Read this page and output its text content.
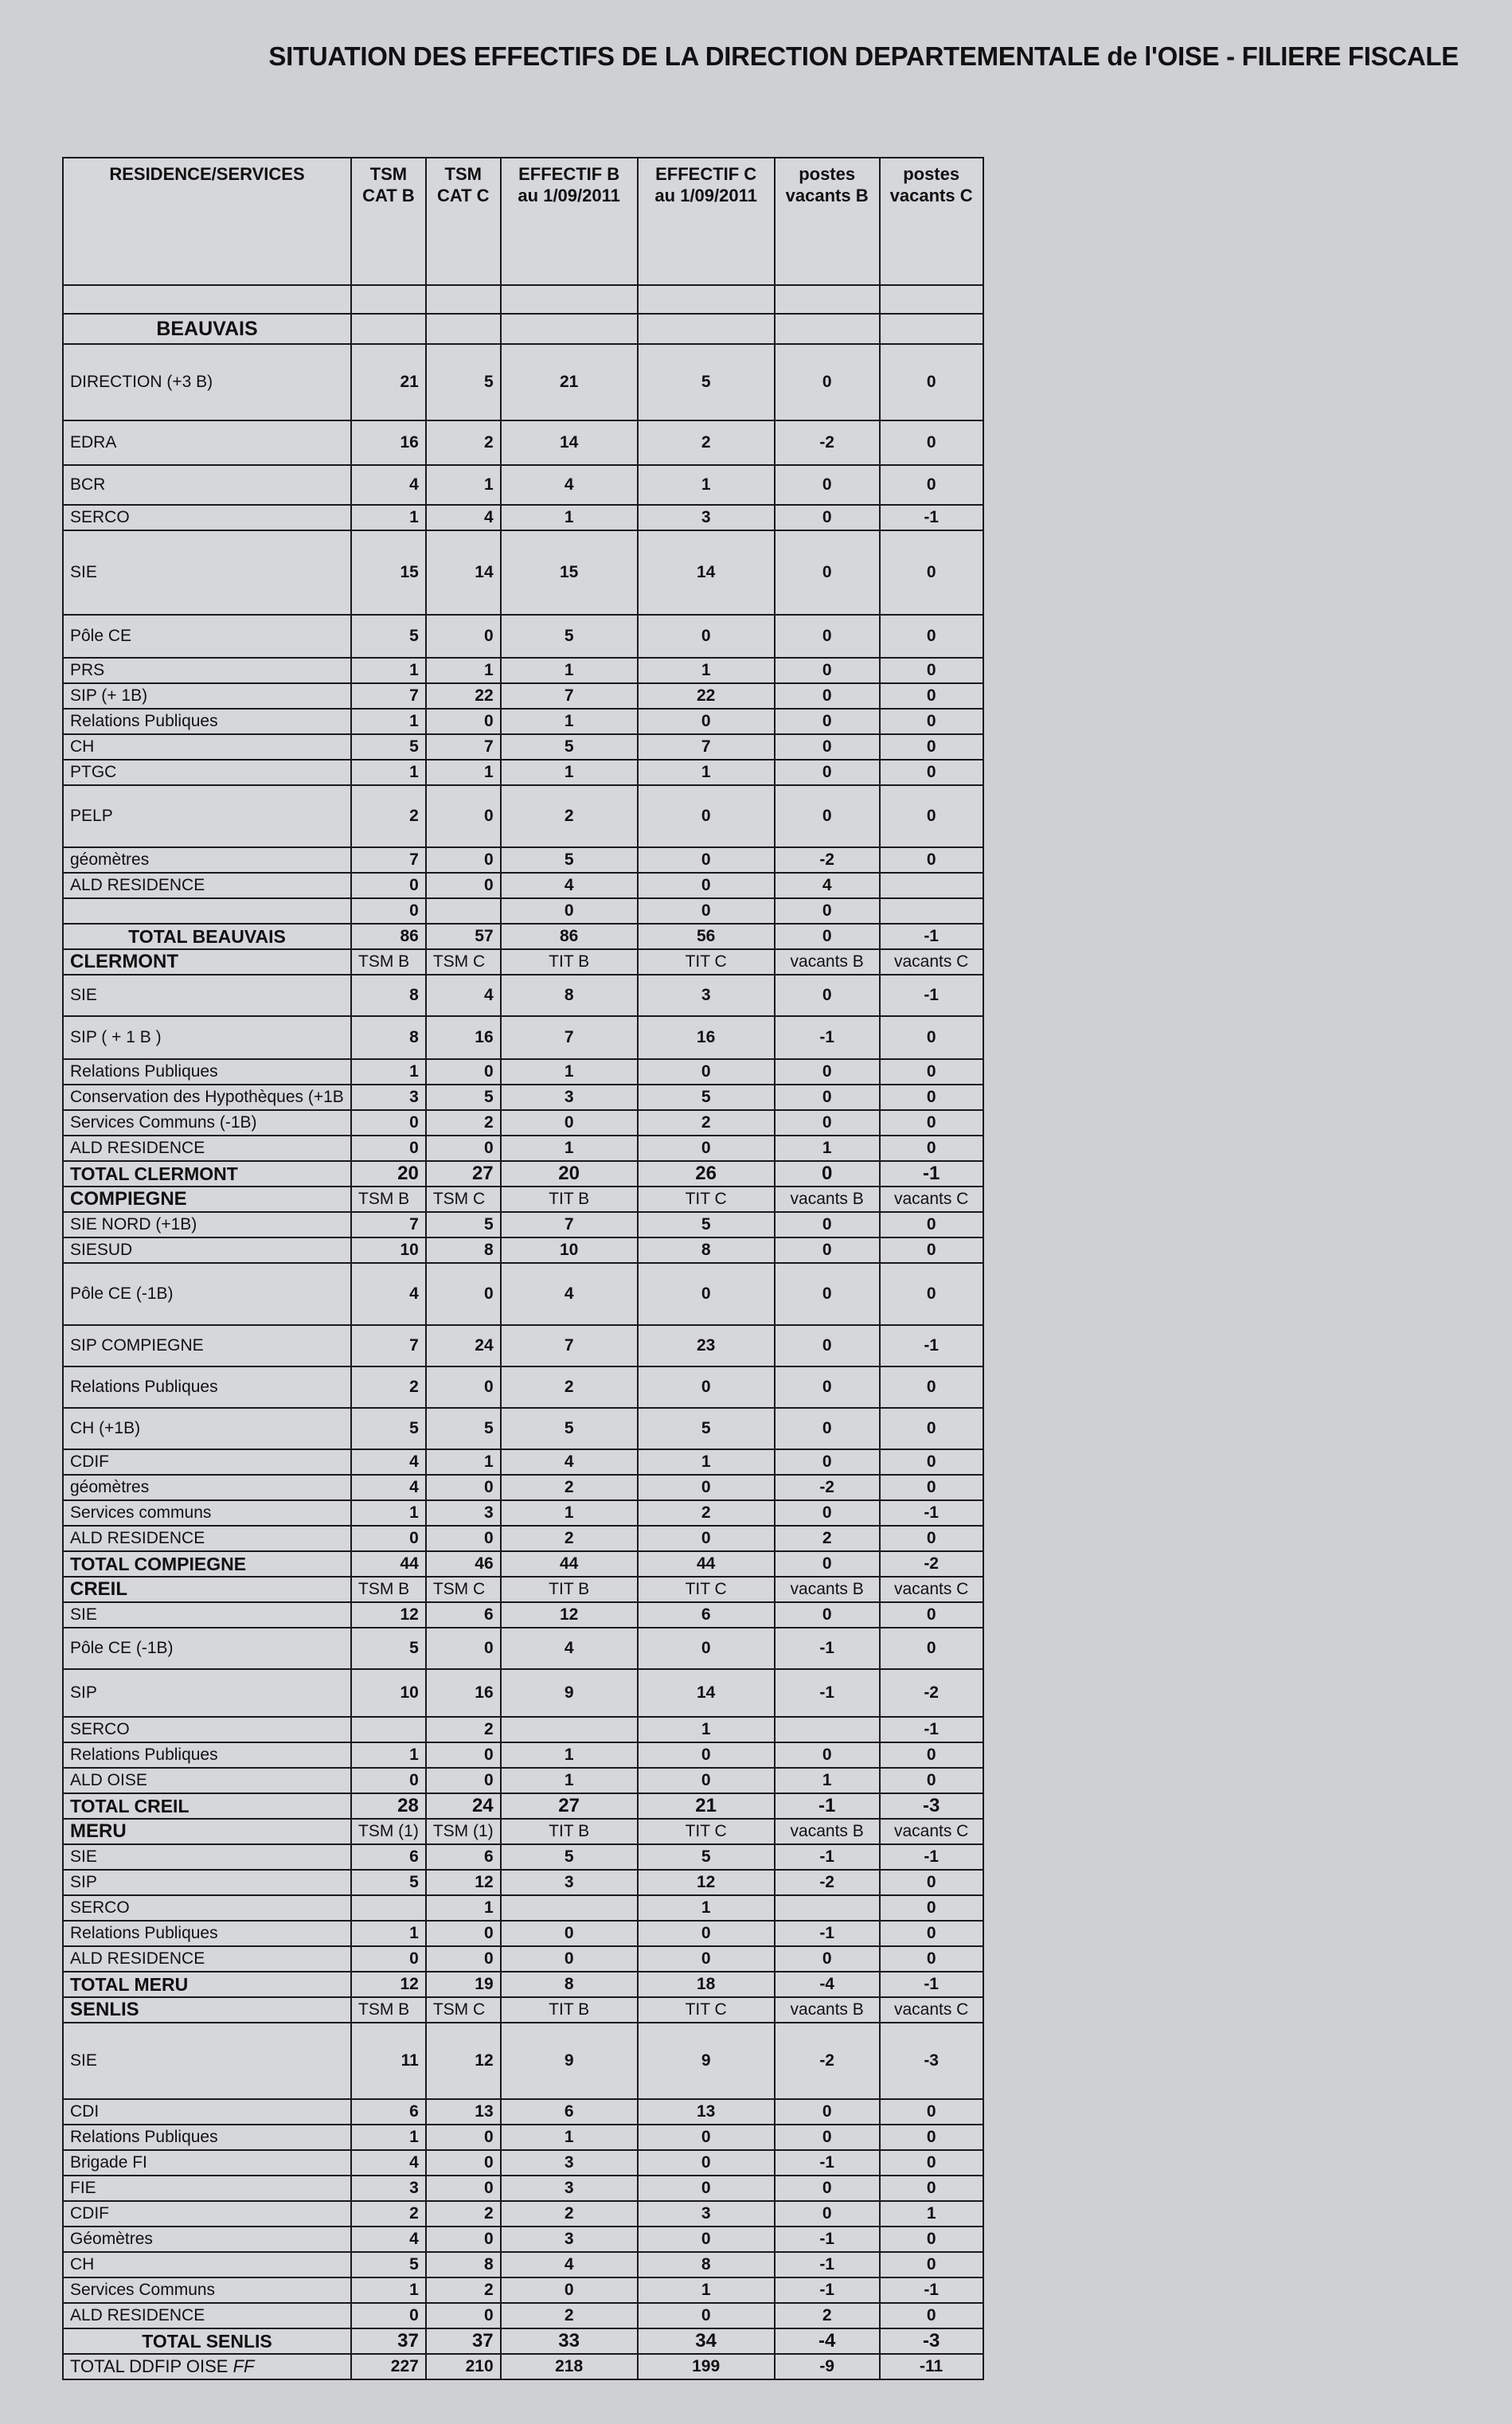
SITUATION DES EFFECTIFS DE LA DIRECTION DEPARTEMENTALE de l'OISE - FILIERE FISCALE
RESIDENCE/SERVICES	TSM CAT B	TSM CAT C	EFFECTIF B au 1/09/2011	EFFECTIF C au 1/09/2011	postes vacants B	postes vacants C

BEAUVAIS						
DIRECTION (+3 B)	21	5	21	5	0	0
EDRA	16	2	14	2	-2	0
BCR	4	1	4	1	0	0
SERCO	1	4	1	3	0	-1
SIE	15	14	15	14	0	0
Pôle CE	5	0	5	0	0	0
PRS	1	1	1	1	0	0
SIP (+ 1B)	7	22	7	22	0	0
Relations Publiques	1	0	1	0	0	0
CH	5	7	5	7	0	0
PTGC	1	1	1	1	0	0
PELP	2	0	2	0	0	0
géomètres	7	0	5	0	-2	0
ALD RESIDENCE	0	0	4	0	4	
	0		0	0	0	
TOTAL BEAUVAIS	86	57	86	56	0	-1
CLERMONT	TSM B	TSM C	TIT B	TIT C	vacants B	vacants C
SIE	8	4	8	3	0	-1
SIP ( + 1 B )	8	16	7	16	-1	0
Relations Publiques	1	0	1	0	0	0
Conservation des Hypothèques (+1B	3	5	3	5	0	0
Services Communs (-1B)	0	2	0	2	0	0
ALD RESIDENCE	0	0	1	0	1	0
TOTAL CLERMONT	20	27	20	26	0	-1
COMPIEGNE	TSM B	TSM C	TIT B	TIT C	vacants B	vacants C
SIE NORD (+1B)	7	5	7	5	0	0
SIESUD	10	8	10	8	0	0
Pôle CE (-1B)	4	0	4	0	0	0
SIP COMPIEGNE	7	24	7	23	0	-1
Relations Publiques	2	0	2	0	0	0
CH (+1B)	5	5	5	5	0	0
CDIF	4	1	4	1	0	0
géomètres	4	0	2	0	-2	0
Services communs	1	3	1	2	0	-1
ALD RESIDENCE	0	0	2	0	2	0
TOTAL COMPIEGNE	44	46	44	44	0	-2
CREIL	TSM B	TSM C	TIT B	TIT C	vacants B	vacants C
SIE	12	6	12	6	0	0
Pôle CE (-1B)	5	0	4	0	-1	0
SIP	10	16	9	14	-1	-2
SERCO		2		1		-1
Relations Publiques	1	0	1	0	0	0
ALD OISE	0	0	1	0	1	0
TOTAL CREIL	28	24	27	21	-1	-3
MERU	TSM (1)	TSM (1)	TIT B	TIT C	vacants B	vacants C
SIE	6	6	5	5	-1	-1
SIP	5	12	3	12	-2	0
SERCO		1		1		0
Relations Publiques	1	0	0	0	-1	0
ALD RESIDENCE	0	0	0	0	0	0
TOTAL MERU	12	19	8	18	-4	-1
SENLIS	TSM B	TSM C	TIT B	TIT C	vacants B	vacants C
SIE	11	12	9	9	-2	-3
CDI	6	13	6	13	0	0
Relations Publiques	1	0	1	0	0	0
Brigade FI	4	0	3	0	-1	0
FIE	3	0	3	0	0	0
CDIF	2	2	2	3	0	1
Géomètres	4	0	3	0	-1	0
CH	5	8	4	8	-1	0
Services Communs	1	2	0	1	-1	-1
ALD RESIDENCE	0	0	2	0	2	0
TOTAL SENLIS	37	37	33	34	-4	-3
TOTAL DDFIP OISE FF	227	210	218	199	-9	-11
